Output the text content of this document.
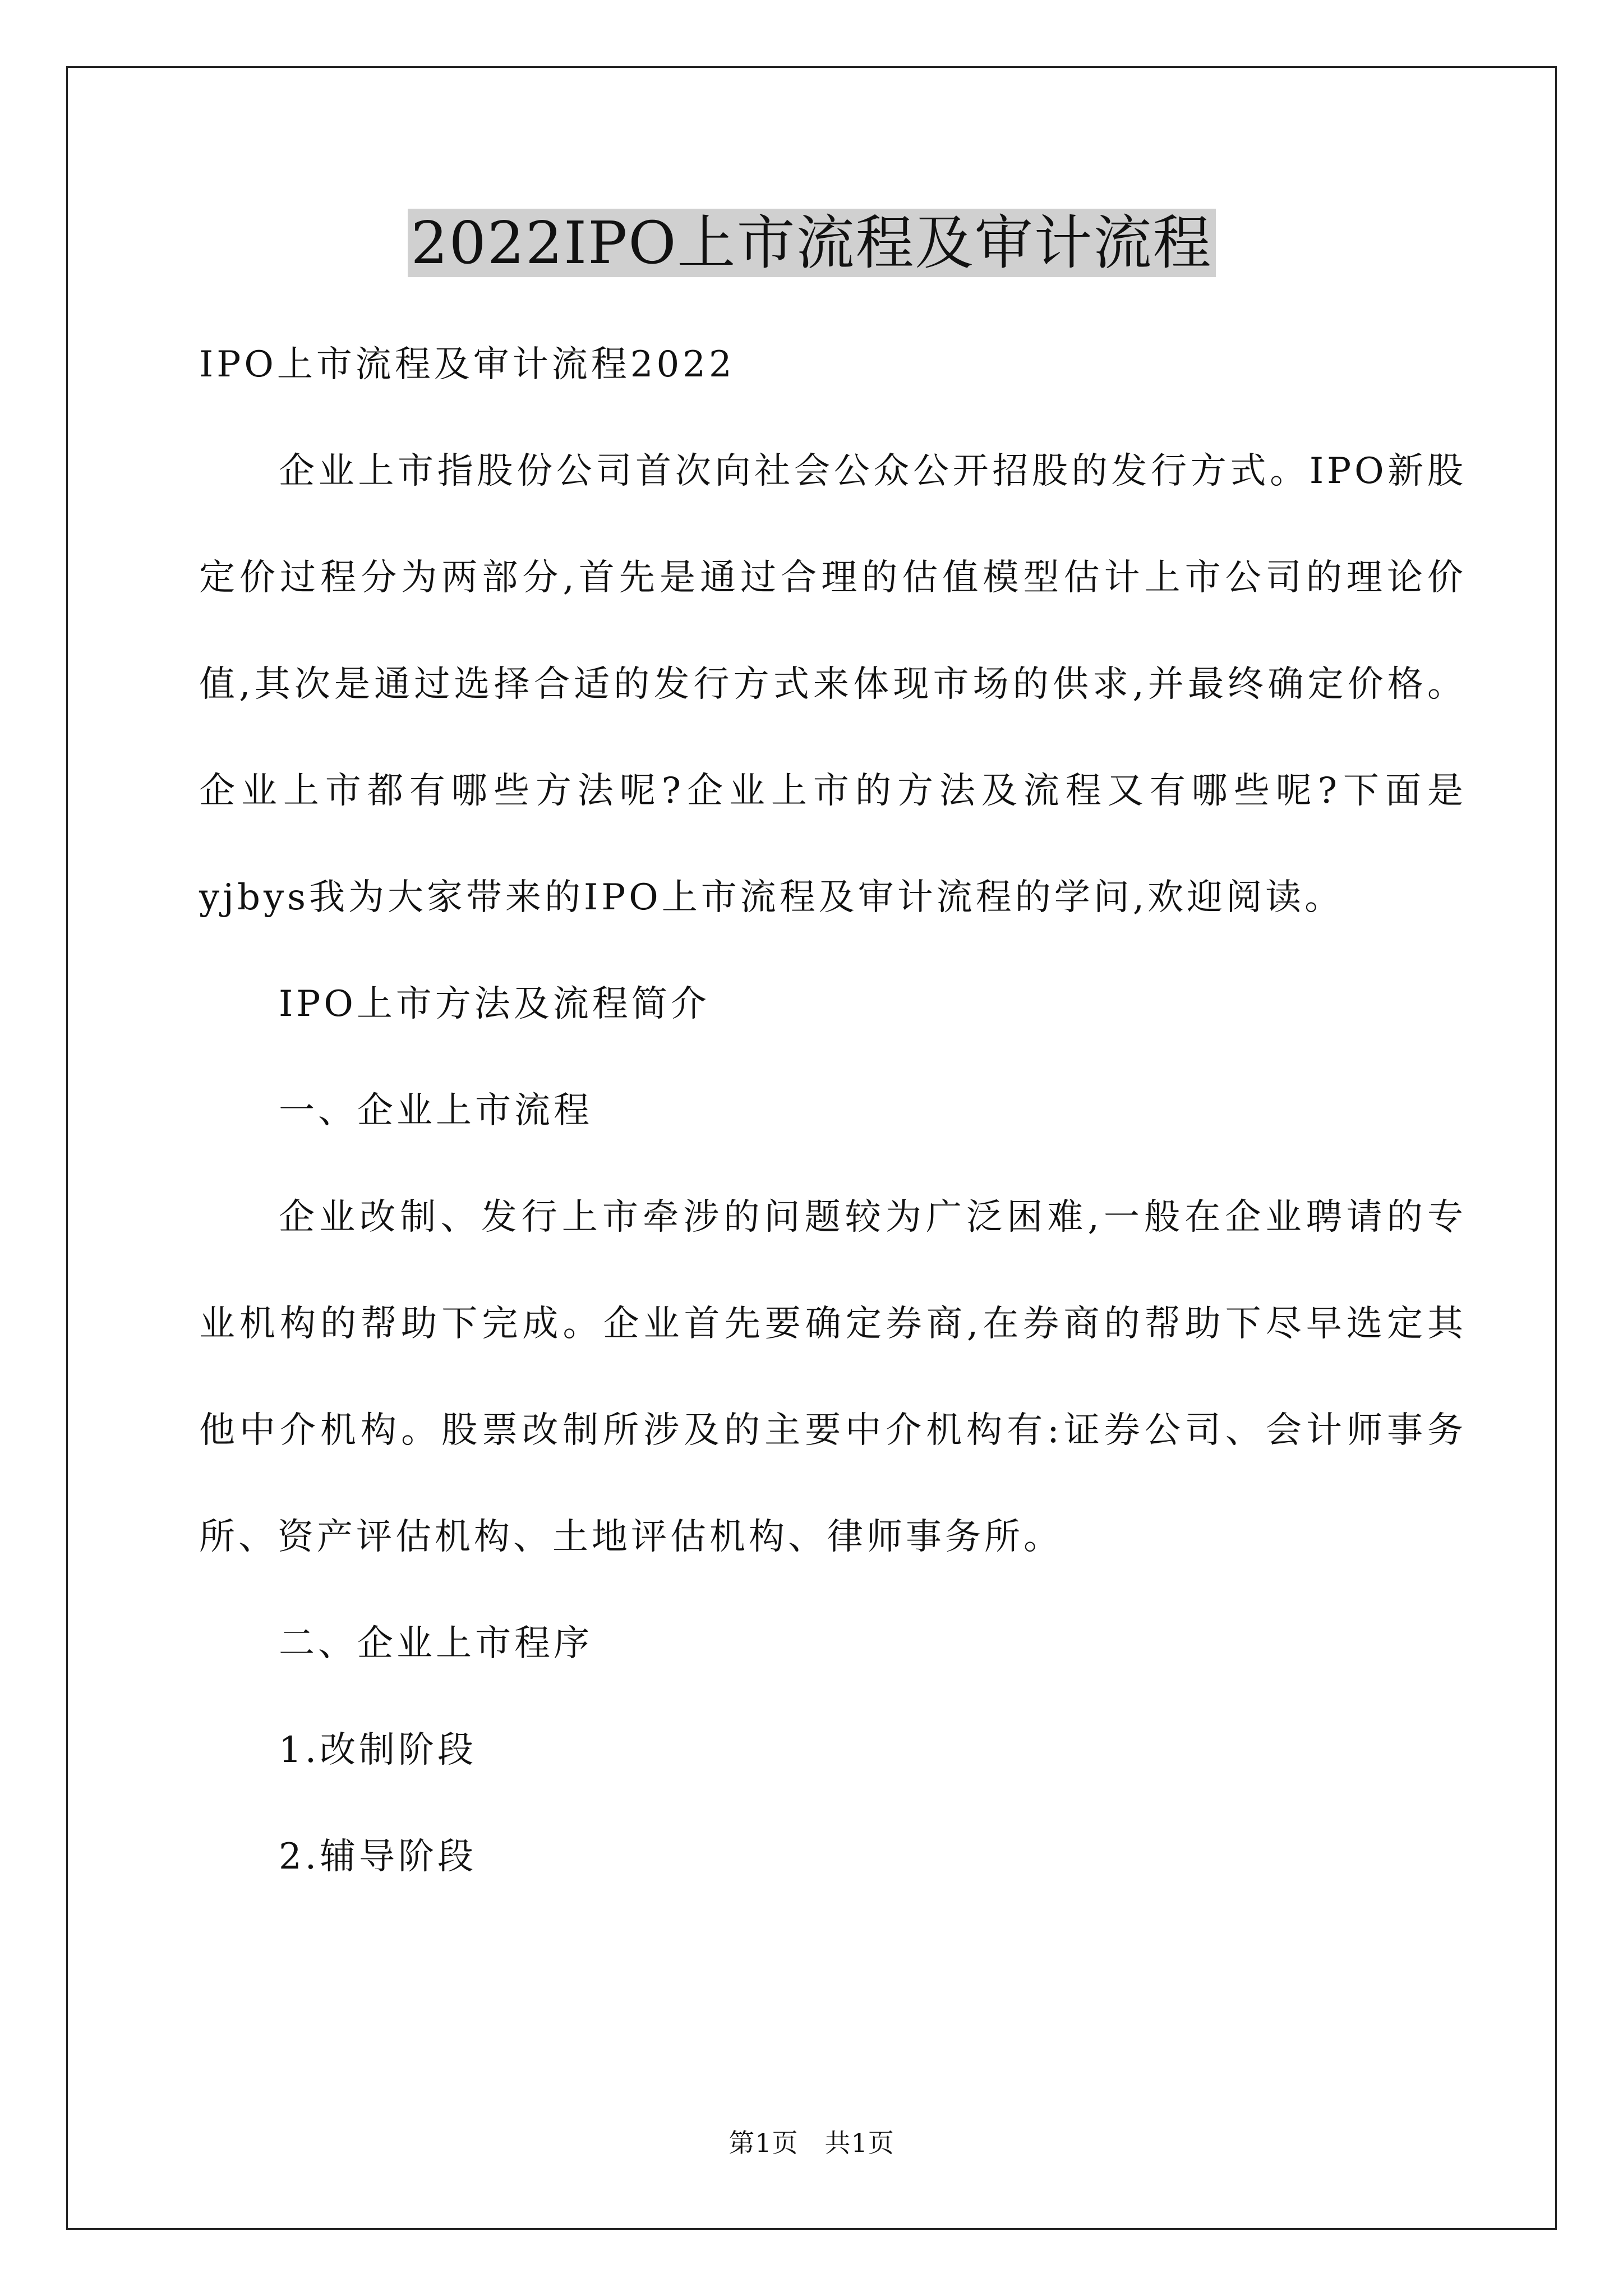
2022IPO上市流程及审计流程

IPO上市流程及审计流程2022

企业上市指股份公司首次向社会公众公开招股的发行方式。IPO新股定价过程分为两部分,首先是通过合理的估值模型估计上市公司的理论价值,其次是通过选择合适的发行方式来体现市场的供求,并最终确定价格。企业上市都有哪些方法呢?企业上市的方法及流程又有哪些呢?下面是yjbys我为大家带来的IPO上市流程及审计流程的学问,欢迎阅读。

IPO上市方法及流程简介

一、企业上市流程

企业改制、发行上市牵涉的问题较为广泛困难,一般在企业聘请的专业机构的帮助下完成。企业首先要确定券商,在券商的帮助下尽早选定其他中介机构。股票改制所涉及的主要中介机构有:证券公司、会计师事务所、资产评估机构、土地评估机构、律师事务所。

二、企业上市程序

1.改制阶段

2.辅导阶段

第1页　共1页
